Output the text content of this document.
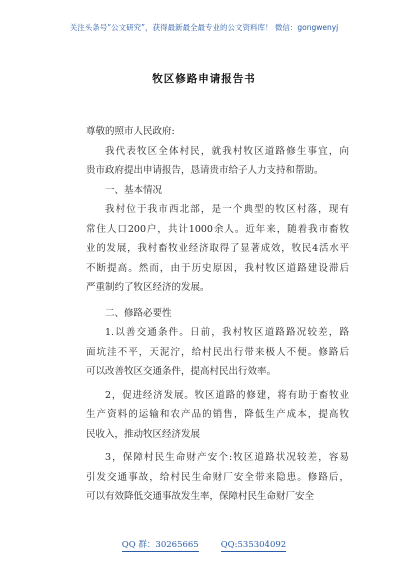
关注头条号“公文研究”，获得最新最全最专业的公文资料库！ 微信：gongwenyj
牧区修路申请报告书
尊敬的照市人民政府:
我代表牧区全体村民，就我村牧区道路修生事宜，向
贵市政府提出申请报告，恳请贵市给子人力支持和帮助。
一、基本情况
我村位于我市西北部，是一个典型的牧区村落，现有
常住人口200户，共计1000余人。近年来，随着我市畜牧
业的发展，我村畜牧业经济取得了显著成效，牧民4活水平
不断提高。然而，由于历史原因，我村牧区道路建设滞后
严重制约了牧区经济的发展。
二、修路必要性
1.以善交通条件。日前，我村牧区道路路况较差，路
面坑洼不平，天泥泞，给村民出行带来极人不便。修路后
可以改善牧区交通条件，提高村民出行效率。
2，促进经济发展。牧区道路的修建，将有助于畜牧业
生产资料的运输和农产品的销售，降低生产成本，提高牧
民收入，推动牧区经济发展
3，保障村民生命财产安个:牧区道路状况较差，容易
引发交通事故，给村民生命财厂安全带来隐患。修路后，
可以有效降低交通事故发生率，保障村民生命财厂安全
QQ 群：30265665	QQ:535304092
